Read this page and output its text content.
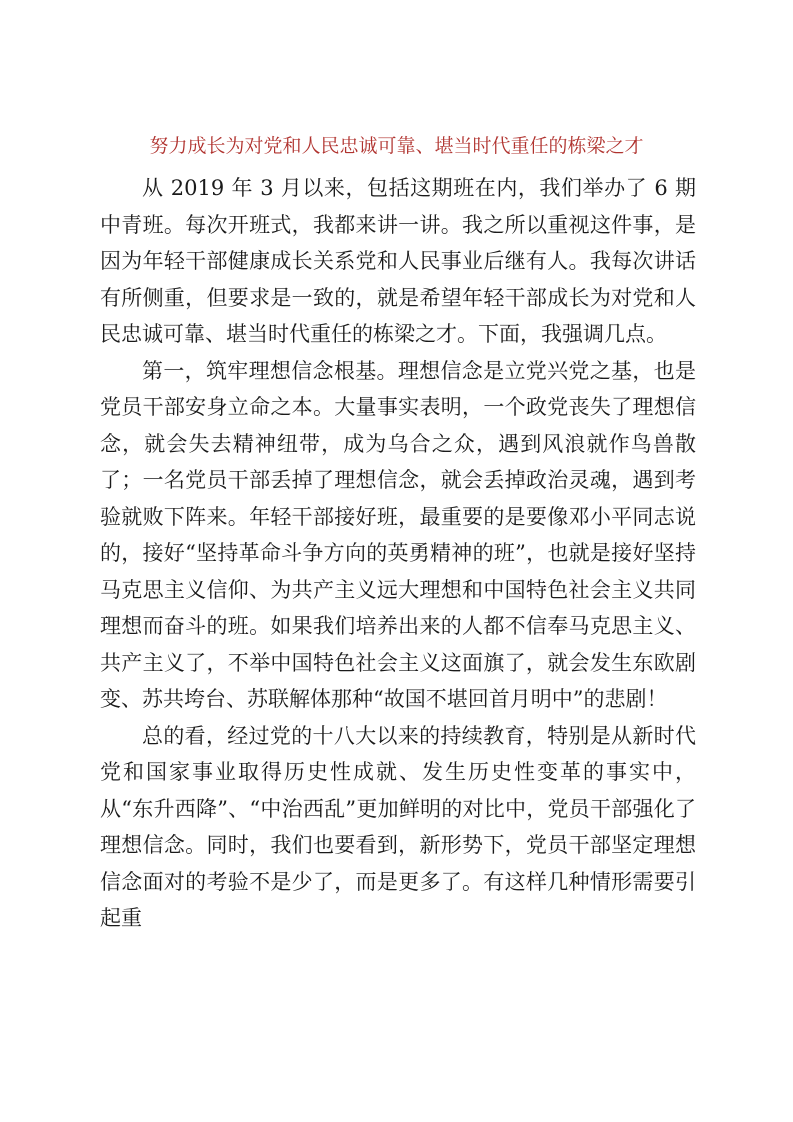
努力成长为对党和人民忠诚可靠、堪当时代重任的栋梁之才

从 2019 年 3 月以来，包括这期班在内，我们举办了 6 期中青班。每次开班式，我都来讲一讲。我之所以重视这件事，是因为年轻干部健康成长关系党和人民事业后继有人。我每次讲话有所侧重，但要求是一致的，就是希望年轻干部成长为对党和人民忠诚可靠、堪当时代重任的栋梁之才。下面，我强调几点。

第一，筑牢理想信念根基。理想信念是立党兴党之基，也是党员干部安身立命之本。大量事实表明，一个政党丧失了理想信念，就会失去精神纽带，成为乌合之众，遇到风浪就作鸟兽散了；一名党员干部丢掉了理想信念，就会丢掉政治灵魂，遇到考验就败下阵来。年轻干部接好班，最重要的是要像邓小平同志说的，接好“坚持革命斗争方向的英勇精神的班”，也就是接好坚持马克思主义信仰、为共产主义远大理想和中国特色社会主义共同理想而奋斗的班。如果我们培养出来的人都不信奉马克思主义、共产主义了，不举中国特色社会主义这面旗了，就会发生东欧剧变、苏共垮台、苏联解体那种“故国不堪回首月明中”的悲剧！

总的看，经过党的十八大以来的持续教育，特别是从新时代党和国家事业取得历史性成就、发生历史性变革的事实中，从“东升西降”、“中治西乱”更加鲜明的对比中，党员干部强化了理想信念。同时，我们也要看到，新形势下，党员干部坚定理想信念面对的考验不是少了，而是更多了。有这样几种情形需要引起重
